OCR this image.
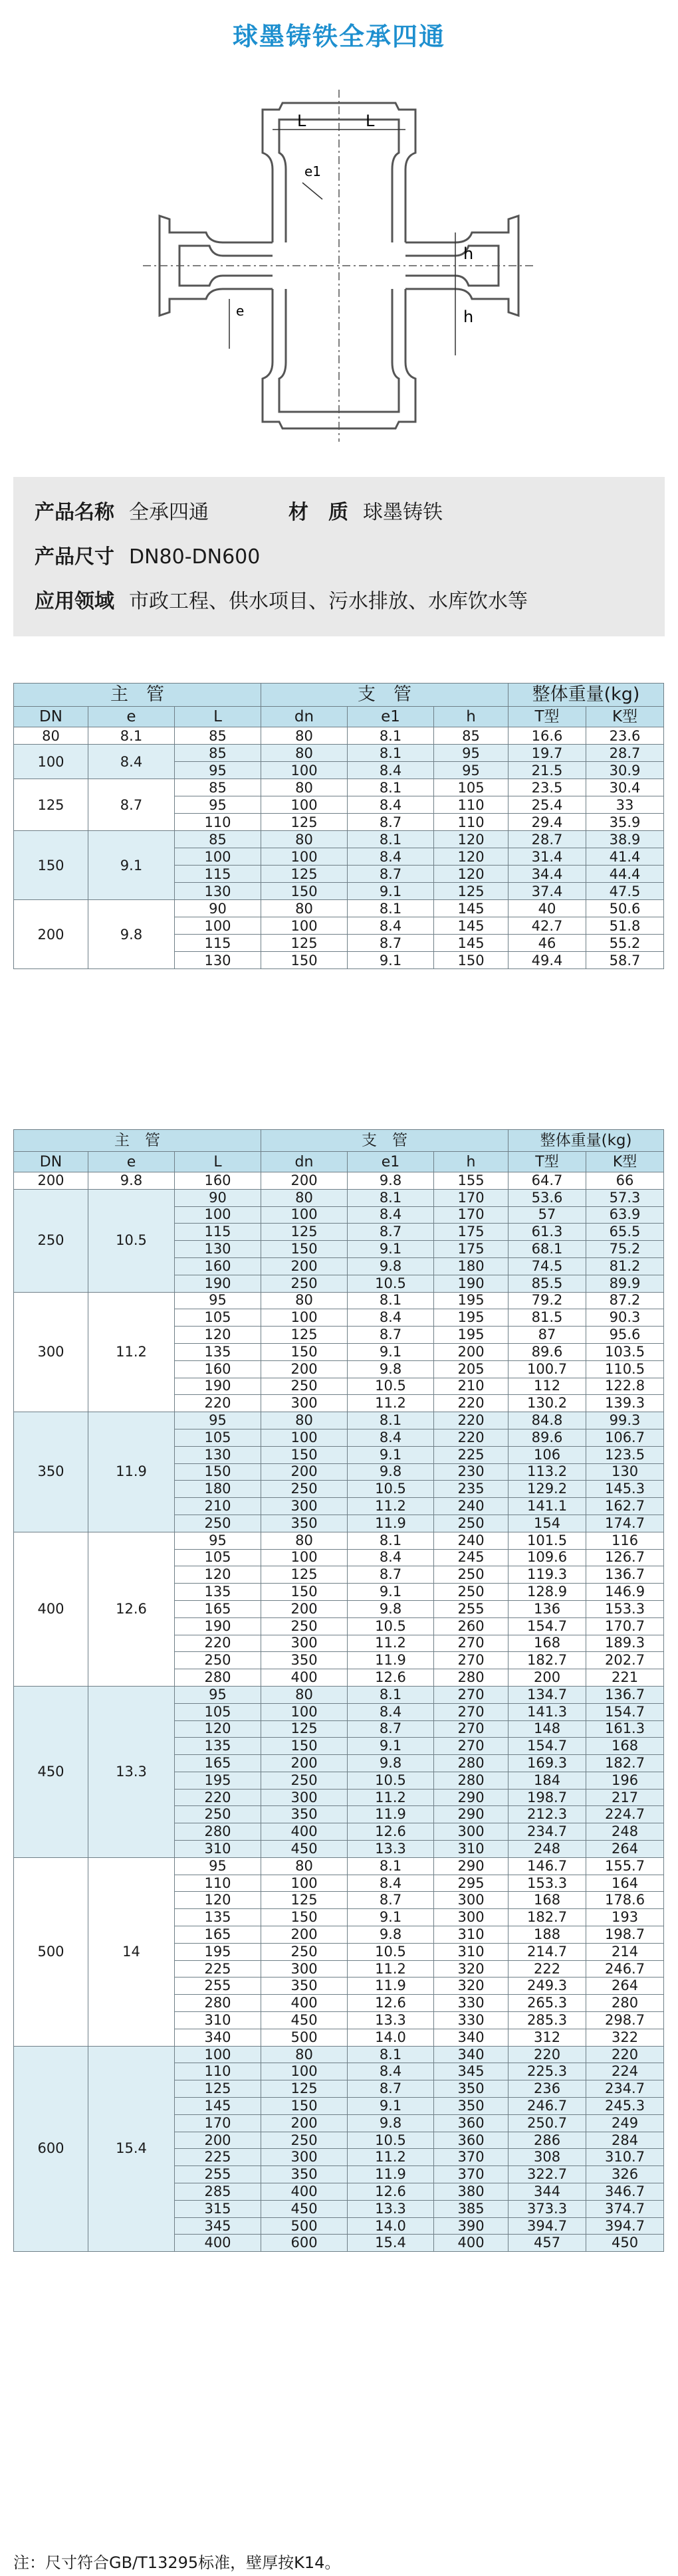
球墨铸铁全承四通
L	L
e1
e
h
h
产品名称 全承四通	材　质 球墨铸铁
产品尺寸 DN80-DN600
应用领域 市政工程、供水项目、污水排放、水库饮水等
主　管			支　管			整体重量(kg)	
DN	e	L	dn	e1	h	T型	K型
80	8.1	85	80	8.1	85	16.6	23.6
100	8.4	85	80	8.1	95	19.7	28.7
		95	100	8.4	95	21.5	30.9
125	8.7	85	80	8.1	105	23.5	30.4
		95	100	8.4	110	25.4	33
		110	125	8.7	110	29.4	35.9
150	9.1	85	80	8.1	120	28.7	38.9
		100	100	8.4	120	31.4	41.4
		115	125	8.7	120	34.4	44.4
		130	150	9.1	125	37.4	47.5
200	9.8	90	80	8.1	145	40	50.6
		100	100	8.4	145	42.7	51.8
		115	125	8.7	145	46	55.2
		130	150	9.1	150	49.4	58.7
主　管			支　管			整体重量(kg)	
DN	e	L	dn	e1	h	T型	K型
200	9.8	160	200	9.8	155	64.7	66
250	10.5	90	80	8.1	170	53.6	57.3
		100	100	8.4	170	57	63.9
		115	125	8.7	175	61.3	65.5
		130	150	9.1	175	68.1	75.2
		160	200	9.8	180	74.5	81.2
		190	250	10.5	190	85.5	89.9
300	11.2	95	80	8.1	195	79.2	87.2
		105	100	8.4	195	81.5	90.3
		120	125	8.7	195	87	95.6
		135	150	9.1	200	89.6	103.5
		160	200	9.8	205	100.7	110.5
		190	250	10.5	210	112	122.8
		220	300	11.2	220	130.2	139.3
350	11.9	95	80	8.1	220	84.8	99.3
		105	100	8.4	220	89.6	106.7
		130	150	9.1	225	106	123.5
		150	200	9.8	230	113.2	130
		180	250	10.5	235	129.2	145.3
		210	300	11.2	240	141.1	162.7
		250	350	11.9	250	154	174.7
400	12.6	95	80	8.1	240	101.5	116
		105	100	8.4	245	109.6	126.7
		120	125	8.7	250	119.3	136.7
		135	150	9.1	250	128.9	146.9
		165	200	9.8	255	136	153.3
		190	250	10.5	260	154.7	170.7
		220	300	11.2	270	168	189.3
		250	350	11.9	270	182.7	202.7
		280	400	12.6	280	200	221
450	13.3	95	80	8.1	270	134.7	136.7
		105	100	8.4	270	141.3	154.7
		120	125	8.7	270	148	161.3
		135	150	9.1	270	154.7	168
		165	200	9.8	280	169.3	182.7
		195	250	10.5	280	184	196
		220	300	11.2	290	198.7	217
		250	350	11.9	290	212.3	224.7
		280	400	12.6	300	234.7	248
		310	450	13.3	310	248	264
500	14	95	80	8.1	290	146.7	155.7
		110	100	8.4	295	153.3	164
		120	125	8.7	300	168	178.6
		135	150	9.1	300	182.7	193
		165	200	9.8	310	188	198.7
		195	250	10.5	310	214.7	214
		225	300	11.2	320	222	246.7
		255	350	11.9	320	249.3	264
		280	400	12.6	330	265.3	280
		310	450	13.3	330	285.3	298.7
		340	500	14.0	340	312	322
600	15.4	100	80	8.1	340	220	220
		110	100	8.4	345	225.3	224
		125	125	8.7	350	236	234.7
		145	150	9.1	350	246.7	245.3
		170	200	9.8	360	250.7	249
		200	250	10.5	360	286	284
		225	300	11.2	370	308	310.7
		255	350	11.9	370	322.7	326
		285	400	12.6	380	344	346.7
		315	450	13.3	385	373.3	374.7
		345	500	14.0	390	394.7	394.7
		400	600	15.4	400	457	450
注：尺寸符合GB/T13295标准，壁厚按K14。
